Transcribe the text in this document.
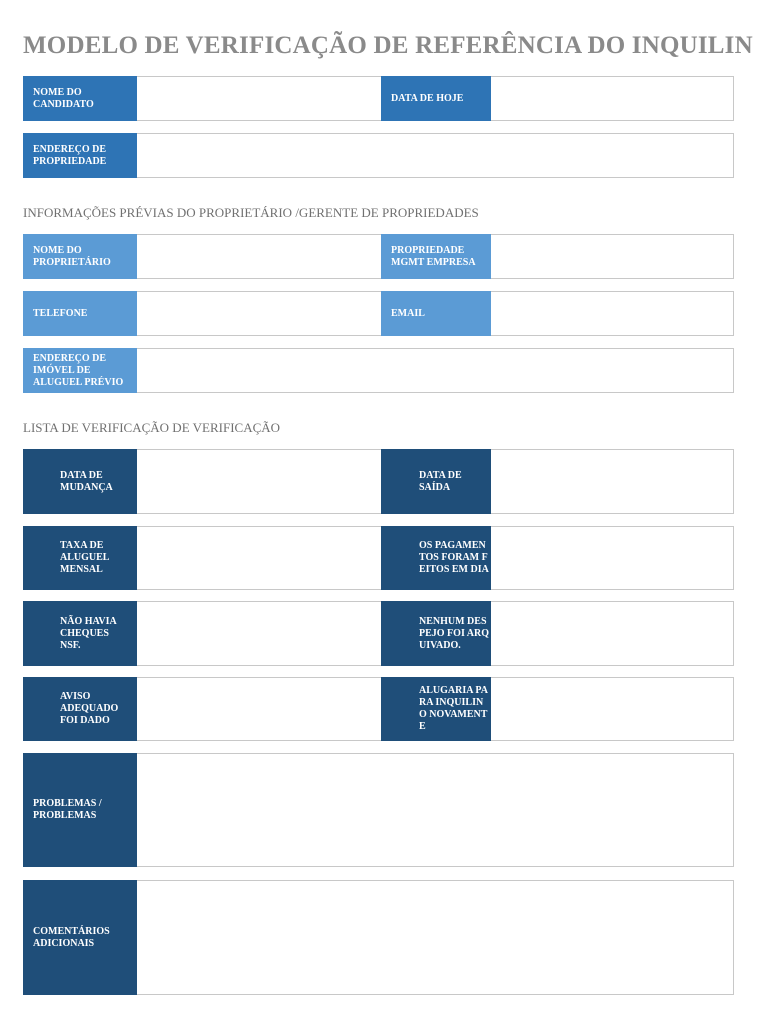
MODELO DE VERIFICAÇÃO DE REFERÊNCIA DO INQUILIN
NOME DO CANDIDATO
DATA DE HOJE
ENDEREÇO DE PROPRIEDADE
INFORMAÇÕES PRÉVIAS DO PROPRIETÁRIO /GERENTE DE PROPRIEDADES
NOME DO PROPRIETÁRIO
PROPRIEDADE MGMT EMPRESA
TELEFONE	EMAIL
ENDEREÇO DE IMÓVEL DE ALUGUEL PRÉVIO
LISTA DE VERIFICAÇÃO DE VERIFICAÇÃO
DATA DE MUDANÇA
DATA DE SAÍDA
TAXA DE ALUGUEL MENSAL
OS PAGAMENTOS FORAM FEITOS EM DIA
NÃO HAVIA CHEQUES NSF.
NENHUM DESPEJO FOI ARQUIVADO.
AVISO ADEQUADO FOI DADO
ALUGARIA PARA INQUILINO NOVAMENTE
PROBLEMAS / PROBLEMAS
COMENTÁRIOS ADICIONAIS
